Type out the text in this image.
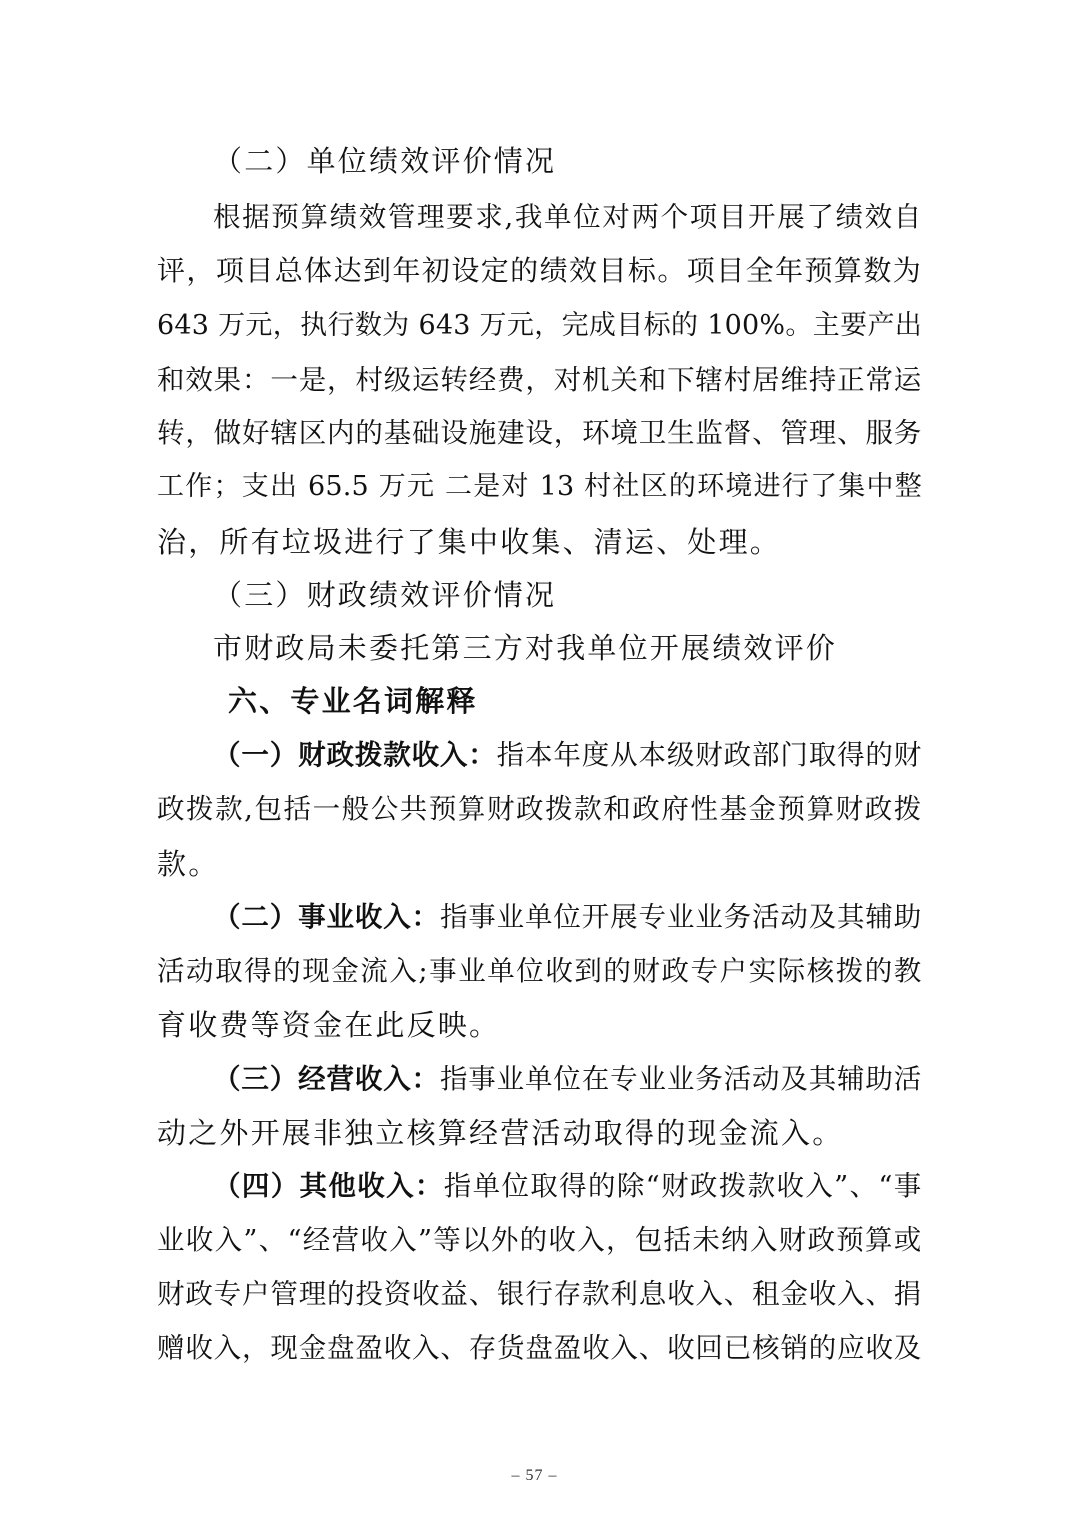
（二）单位绩效评价情况
根据预算绩效管理要求,我单位对两个项目开展了绩效自
评，项目总体达到年初设定的绩效目标。项目全年预算数为
643 万元，执行数为 643 万元，完成目标的 100%。主要产出
和效果：一是，村级运转经费，对机关和下辖村居维持正常运
转，做好辖区内的基础设施建设，环境卫生监督、管理、服务
工作；支出 65.5 万元 二是对 13 村社区的环境进行了集中整
治，所有垃圾进行了集中收集、清运、处理。
（三）财政绩效评价情况
市财政局未委托第三方对我单位开展绩效评价
六、专业名词解释
（一）财政拨款收入：指本年度从本级财政部门取得的财
政拨款,包括一般公共预算财政拨款和政府性基金预算财政拨
款。
（二）事业收入：指事业单位开展专业业务活动及其辅助
活动取得的现金流入;事业单位收到的财政专户实际核拨的教
育收费等资金在此反映。
（三）经营收入：指事业单位在专业业务活动及其辅助活
动之外开展非独立核算经营活动取得的现金流入。
（四）其他收入：指单位取得的除“财政拨款收入”、“事
业收入”、“经营收入”等以外的收入，包括未纳入财政预算或
财政专户管理的投资收益、银行存款利息收入、租金收入、捐
赠收入，现金盘盈收入、存货盘盈收入、收回已核销的应收及
– 57 –
